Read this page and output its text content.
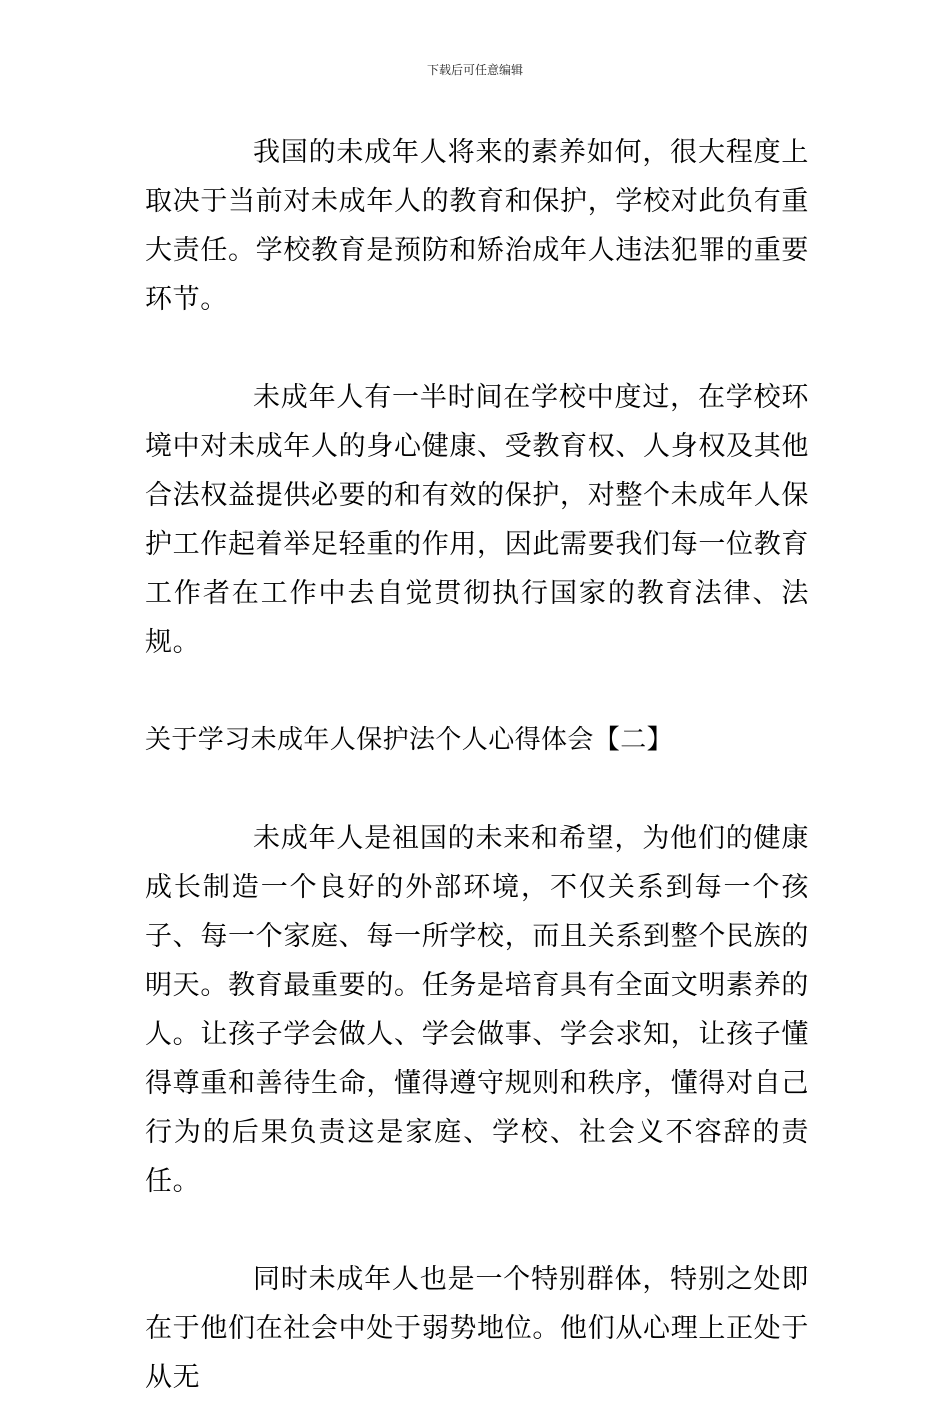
下载后可任意编辑

我国的未成年人将来的素养如何，很大程度上取决于当前对未成年人的教育和保护，学校对此负有重大责任。学校教育是预防和矫治成年人违法犯罪的重要环节。

未成年人有一半时间在学校中度过，在学校环境中对未成年人的身心健康、受教育权、人身权及其他合法权益提供必要的和有效的保护，对整个未成年人保护工作起着举足轻重的作用，因此需要我们每一位教育工作者在工作中去自觉贯彻执行国家的教育法律、法规。

关于学习未成年人保护法个人心得体会【二】

未成年人是祖国的未来和希望，为他们的健康成长制造一个良好的外部环境，不仅关系到每一个孩子、每一个家庭、每一所学校，而且关系到整个民族的明天。教育最重要的。任务是培育具有全面文明素养的人。让孩子学会做人、学会做事、学会求知，让孩子懂得尊重和善待生命，懂得遵守规则和秩序，懂得对自己行为的后果负责这是家庭、学校、社会义不容辞的责任。

同时未成年人也是一个特别群体，特别之处即在于他们在社会中处于弱势地位。他们从心理上正处于从无
